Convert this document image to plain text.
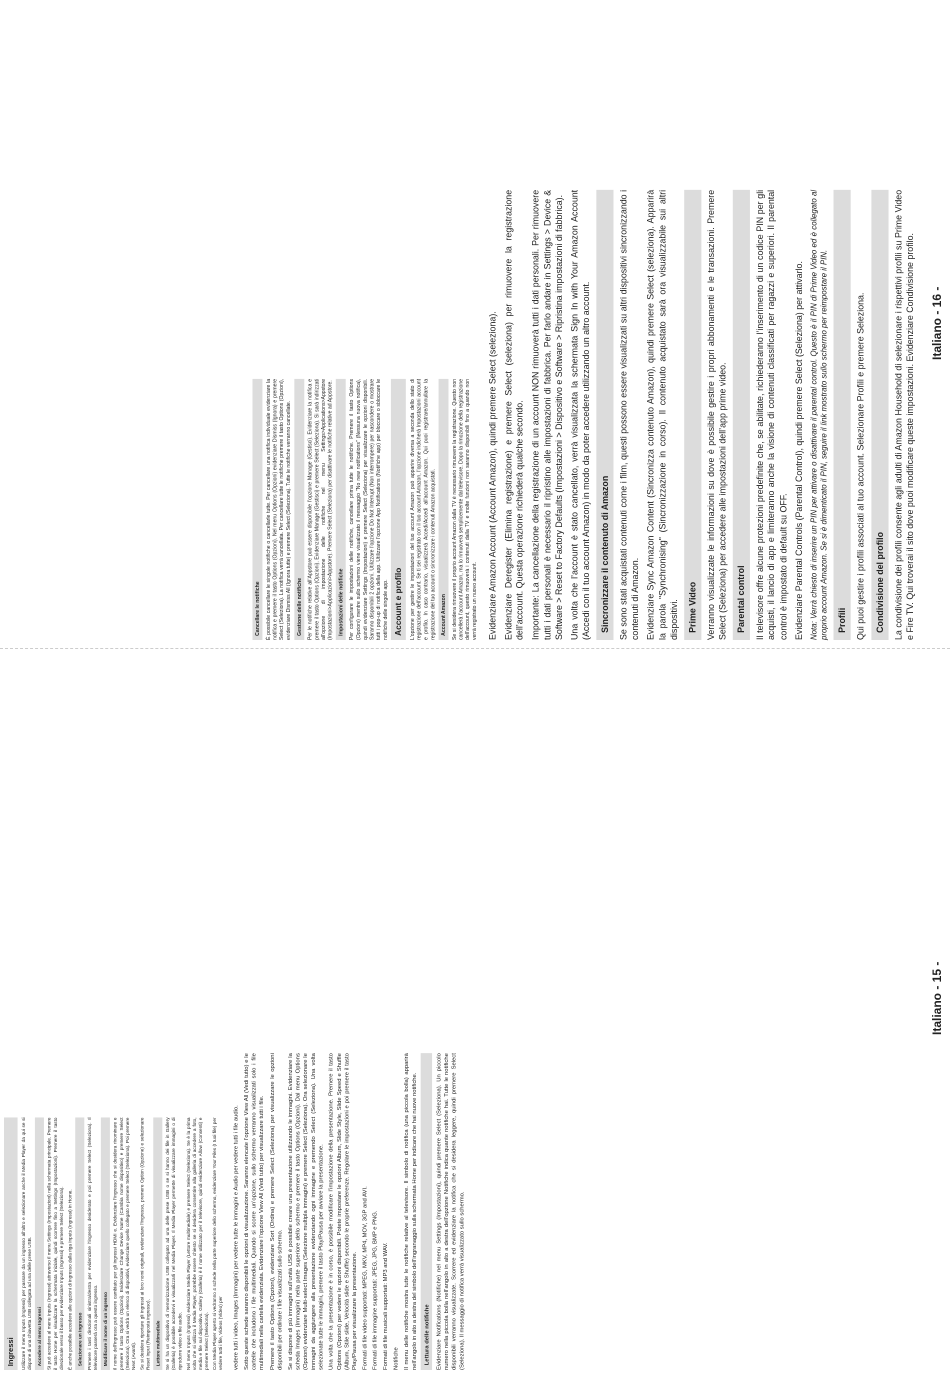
Ingressi Utilizzare il menu Inputs (Ingressi) per passare da un ingresso all’altro e selezionare anche il Media Player da qui se si dispone di una chiavetta USB collegata ad una delle prese USB. Accedere al menu Ingressi Si può accedere al menu Inputs (Ingressi) attraverso il menu Settings (Impostazioni) nella schermata principale. Premere il tasto Home per visualizzare la schermata iniziale, quindi scorrere fino a Settings (Impostazioni). Premere il tasto direzionale verso il basso per evidenziare Inputs (Ingressi) e premere Select (Seleziona). È anche possibile accedere alle opzioni di ingresso dalla riga Inputs (Ingressi) in Home. Selezionare un ingresso Premere i tasti direzionali sinistra/destra per evidenziare l’ingresso desiderato e poi premere Select (Seleziona). Il televisore passerà ora a questo ingresso. Modificare il nome di un ingresso Il nome dell’ingresso può essere cambiato per gli ingressi HDMI e. Evidenziare l’ingresso che si desidera rinominare e premere il tasto Options (Opzioni). Evidenziare Change Device Name (Cambia nome dispositivo) e premere Select (Seleziona). Ora si vedrà un elenco di dispositivi, evidenziare quello collegato e premere Select (Seleziona). Poi premere Next (Avanti). Se si desidera riportare gli ingressi ai loro nomi originali, evidenziare l’ingresso, premere Option (Opzione) e selezionare Reset Input (Reimposta ingresso). Lettore multimediale Se si ha un dispositivo di memorizzazione USB collegato ad una delle prese USB o se si hanno dei file in Gallery (Galleria) è possibile accedervi e visualizzarli nel Media Player. Il Media Player permette di visualizzare immagini o di riprodurre video e file audio. Nel menu Inputs (Ingressi) evidenziare Media Player (Lettore multimediale) e premere Select (Seleziona). Se è la prima volta che si utilizza il Media Player, potrebbe essere chiesto se si desidera consentire alla galleria di accedere a foto, media e file sul dispositivo. Gallery (Galleria) è il nome utilizzato per il televisore, quindi evidenziare Allow (Consenti) e premere Select (Seleziona). Con Media Player aperto si vedranno 4 schede nella parte superiore dello schermo, evidenziare Your Files (I tuoi file) per vedere tutti i file, Videos (Video) per vedere tutti i video, Images (Immagini) per vedere tutte le immagini e Audio per vedere tutti i file audio. Sotto queste schede saranno disponibili le opzioni di visualizzazione. Saranno elencate l’opzione View All (Vedi tutto) e le cartelle che includono i file multimediali. Quando si scorre un’opzione, sullo schermo verranno visualizzati solo i file multimediali nella cartella evidenziata. Evidenziare l’opzione View All (Vedi tutto) per visualizzare tutti i file. Premere il tasto Options (Opzioni), evidenziare Sort (Ordina) e premere Select (Seleziona) per visualizzare le opzioni disponibili per ordinare i file visualizzati sullo schermo. Se si dispone di più immagini sull’unità USB è possibile creare una presentazione utilizzando le immagini. Evidenziare la scheda Images (Immagini) nella parte superiore dello schermo e premere il tasto Options (Opzioni). Dal menu Options (Opzioni) evidenziare Multi-select Images (Selezione multipla immagini) e premere Select (Seleziona). Ora selezionare le immagini da aggiungere alla presentazione evidenziando ogni immagine e premendo Select (Seleziona). Una volta selezionate tutte le immagini, premere il tasto Play/Pausa per avviare la presentazione. Una volta che la presentazione è in corso, è possibile modificare l’impostazione della presentazione. Premere il tasto Options (Opzioni) per vedere le opzioni disponibili. Potete impostare le opzioni Album, Slide Style, Slide Speed e Shuffle (Album, Stile slide, Velocità slide e Shuffle) secondo le proprie preferenze. Regolare le impostazioni e poi premere il tasto Play/Pausa per visualizzare la presentazione. Formati di file video supportati: MPEG, MKV, MP4, MOV, 3GP and AVI. Formati di file immagine supportati: JPEG, JPG, BMP e PNG. Formati di file musicali supportati: MP3 and WAV. Notifiche Il menu delle notifiche mostra tutte le notifiche relative al televisore. Il simbolo di notifica (una piccola bolla) apparirà nell’angolo in alto a destra del simbolo dell’ingranaggio sulla schermata Home per indicare che hai nuove notifiche. Lettura delle notifiche Evidenziare Notifications (Notifiche) nel menu Settings (Impostazioni), quindi premere Select (Seleziona). Un piccolo numero nella piccola bolla nell’angolo in alto a destra dell’opzione Notifiche indica quante notifiche hai. Tutte le notifiche disponibili verranno visualizzate. Scorrere ed evidenziare la notifica che si desidera leggere, quindi premere Select (Seleziona). Il messaggio di notifica verrà visualizzato sullo schermo.

Cancellare le notifiche È possibile cancellare le singole notifiche o cancellarle tutte. Per cancellare una notifica individuale evidenziare la notifica e premere il tasto Options (Opzioni). Nel menu Options (Opzioni) evidenziare Dismiss (Ignora) e premere Select (Seleziona). La notifica verrà cancellata. Per cancellare tutte le notifiche premere il tasto Options (Opzioni), evidenziare Dismiss All (Ignora tutte) e premere Select (Seleziona). Tutte le notifiche verranno cancellate. Gestione delle notifiche Per le notifiche relative all’Appstore può essere disponibile l’opzione Manage (Gestisci). Evidenziare la notifica e premere il tasto Options (Opzioni). Evidenziare Manage (Gestisci) e premere Select (Seleziona). Si sarà indirizzati all’opzione di impostazione delle notifiche nel menu Settings>Applications>Appstore (Impostazioni>Applicazioni>Appstore). Premere Select (Seleziona) per disattivare le notifiche relative ad Appstore. Impostazioni delle notifiche Per configurare le impostazioni delle notifiche, cancellare prima tutte le notifiche. Premere il tasto Options (Opzioni) mentre sullo schermo viene visualizzato il messaggio "No new notifications" (Nessuna nuova notifica), quindi evidenziare Settings (Impostazioni) e premere Select (Seleziona) per visualizzare le opzioni disponibili. Saranno disponibili 2 opzioni. Utilizzare l’opzione Do Not Interrupt (Non interrompere) per nascondere o mostrare tutti i pop-up di notifica della app. Utilizzare l’opzione App Notifications (Notifiche app) per bloccare o sbloccare le notifiche delle singole app. Account e profilo L’opzione per gestire le impostazioni del tuo account Amazon può apparire diversa a seconda dello stato di registrazione dell’account. Se ti sei registrato con il tuo account Amazon, l’opzione indicherà Impostazioni account e profilo. In caso contrario, visualizzerà Accedi/Accedi all’account Amazon. Qui puoi registrare/annullare la registrazione del tuo account o sincronizzare i contenuti Amazon acquistati. Account Amazon Se si desidera rimuovere il proprio account Amazon dalla TV è necessario rimuovere la registrazione. Questo non cancellerà l’account Amazon, ma lo rimuoverà semplicemente dal televisore. Dopo la rimozione della registrazione dell’account, questo rimuoverà i contenuti dalla TV e molte funzioni non saranno disponibili fino a quando non verrà registrato un nuovo account. Evidenziare Amazon Account (Account Amazon), quindi premere Select (seleziona). Evidenziare Deregister (Elimina registrazione) e premere Select (seleziona) per rimuovere la registrazione dell’account. Questa operazione richiederà qualche secondo. Importante: La cancellazione della registrazione di un account NON rimuoverà tutti i dati personali. Per rimuovere tutti i dati personali è necessario il ripristino alle impostazioni di fabbrica. Per farlo andare in Settings > Device & Software > Reset to Factory Defaults (Impostazioni > Dispositivo e Software > Ripristina impostazioni di fabbrica). Una volta che l’account è stato cancellato, verrà visualizzata la schermata Sign In with Your Amazon Account (Accedi con il tuo account Amazon) in modo da poter accedere utilizzando un altro account. Sincronizzare il contenuto di Amazon Se sono stati acquistati contenuti come i film, questi possono essere visualizzati su altri dispositivi sincronizzando i contenuti di Amazon. Evidenziare Sync Amazon Content (Sincronizza contenuto Amazon), quindi premere Select (seleziona). Apparirà la parola "Synchronising" (Sincronizzazione in corso). Il contenuto acquistato sarà ora visualizzabile sui altri dispositivi. Prime Video Verranno visualizzate le informazioni su dove è possibile gestire i propri abbonamenti e le transazioni. Premere Select (Seleziona) per accedere alle impostazioni dell’app prime video. Parental control Il televisore offre alcune protezioni predefinite che, se abilitate, richiederanno l’inserimento di un codice PIN per gli acquisti, il lancio di app e limiteranno anche la visione di contenuti classificati per ragazzi e superiori. Il parental control è impostato di default su OFF. Evidenziare Parental Controls (Parental Control), quindi premere Select (Seleziona) per attivarlo. Nota: Verrà chiesto di inserire un PIN per attivare o disattivare il parental control. Questo è il PIN di Prime Video ed è collegato al proprio account Amazon. Se si è dimenticato il PIN, seguire il link mostrato sullo schermo per reimpostare il PIN. Profili Qui puoi gestire i profili associati al tuo account. Selezionare Profili e premere Seleziona. Condivisione del profilo La condivisione dei profili consente agli adulti di Amazon Household di selezionare i rispettivi profili su Prime Video e Fire TV. Qui troverai il sito dove puoi modificare queste impostazioni. Evidenziare Condivisione profilo.

Italiano - 15 -
Italiano - 16 -
